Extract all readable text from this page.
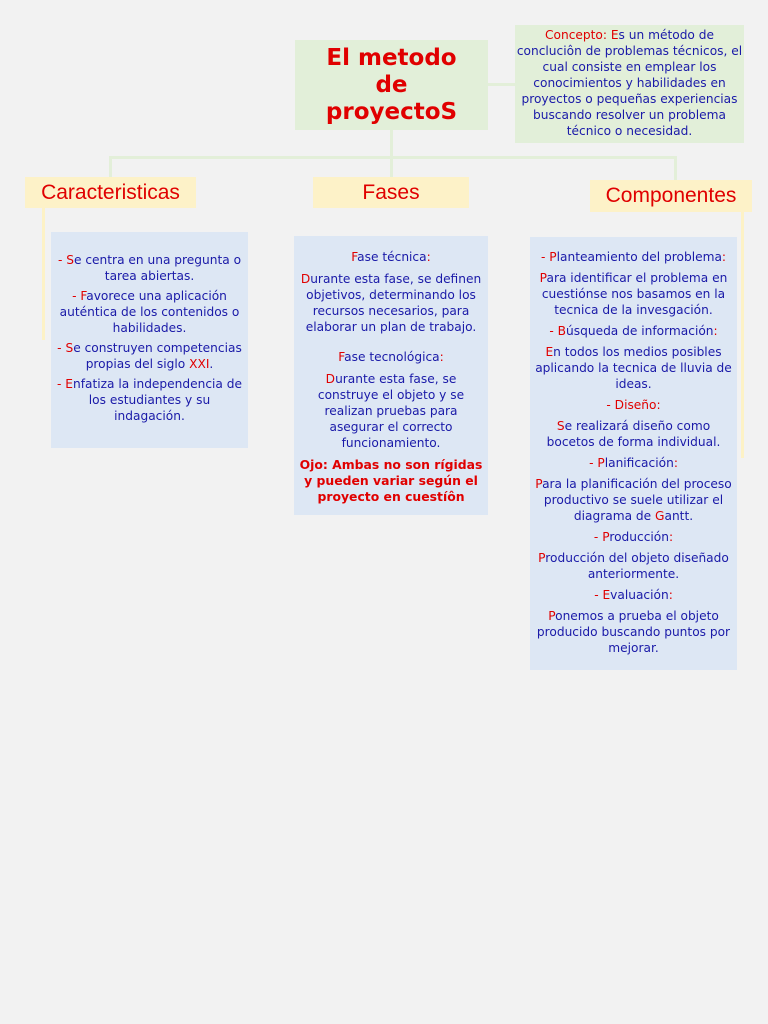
El metodo de proyectoS
Concepto: Es un método de concluciôn de problemas técnicos, el cual consiste en emplear los conocimientos y habilidades en proyectos o pequeñas experiencias buscando resolver un problema técnico o necesidad.
Caracteristicas	Fases	Componentes

- Se centra en una pregunta o tarea abiertas.

- Favorece una aplicación auténtica de los contenidos o habilidades.

- Se construyen competencias propias del siglo XXI.

- Enfatiza la independencia de los estudiantes y su indagación.

Fase técnica:

Durante esta fase, se definen objetivos, determinando los recursos necesarios, para elaborar un plan de trabajo.

Fase tecnológica:

Durante esta fase, se construye el objeto y se realizan pruebas para asegurar el correcto funcionamiento.

Ojo: Ambas no son rígidas y pueden variar según el proyecto en cuestíôn

- Planteamiento del problema:

Para identificar el problema en cuestiónse nos basamos en la tecnica de la invesgación.

- Búsqueda de información:

En todos los medios posibles aplicando la tecnica de lluvia de ideas.

- Diseño:

Se realizará diseño como bocetos de forma individual.

- Planificación:

Para la planificación del proceso productivo se suele utilizar el diagrama de Gantt.

- Producción:

Producción del objeto diseñado anteriormente.

- Evaluación:

Ponemos a prueba el objeto producido buscando puntos por mejorar.
